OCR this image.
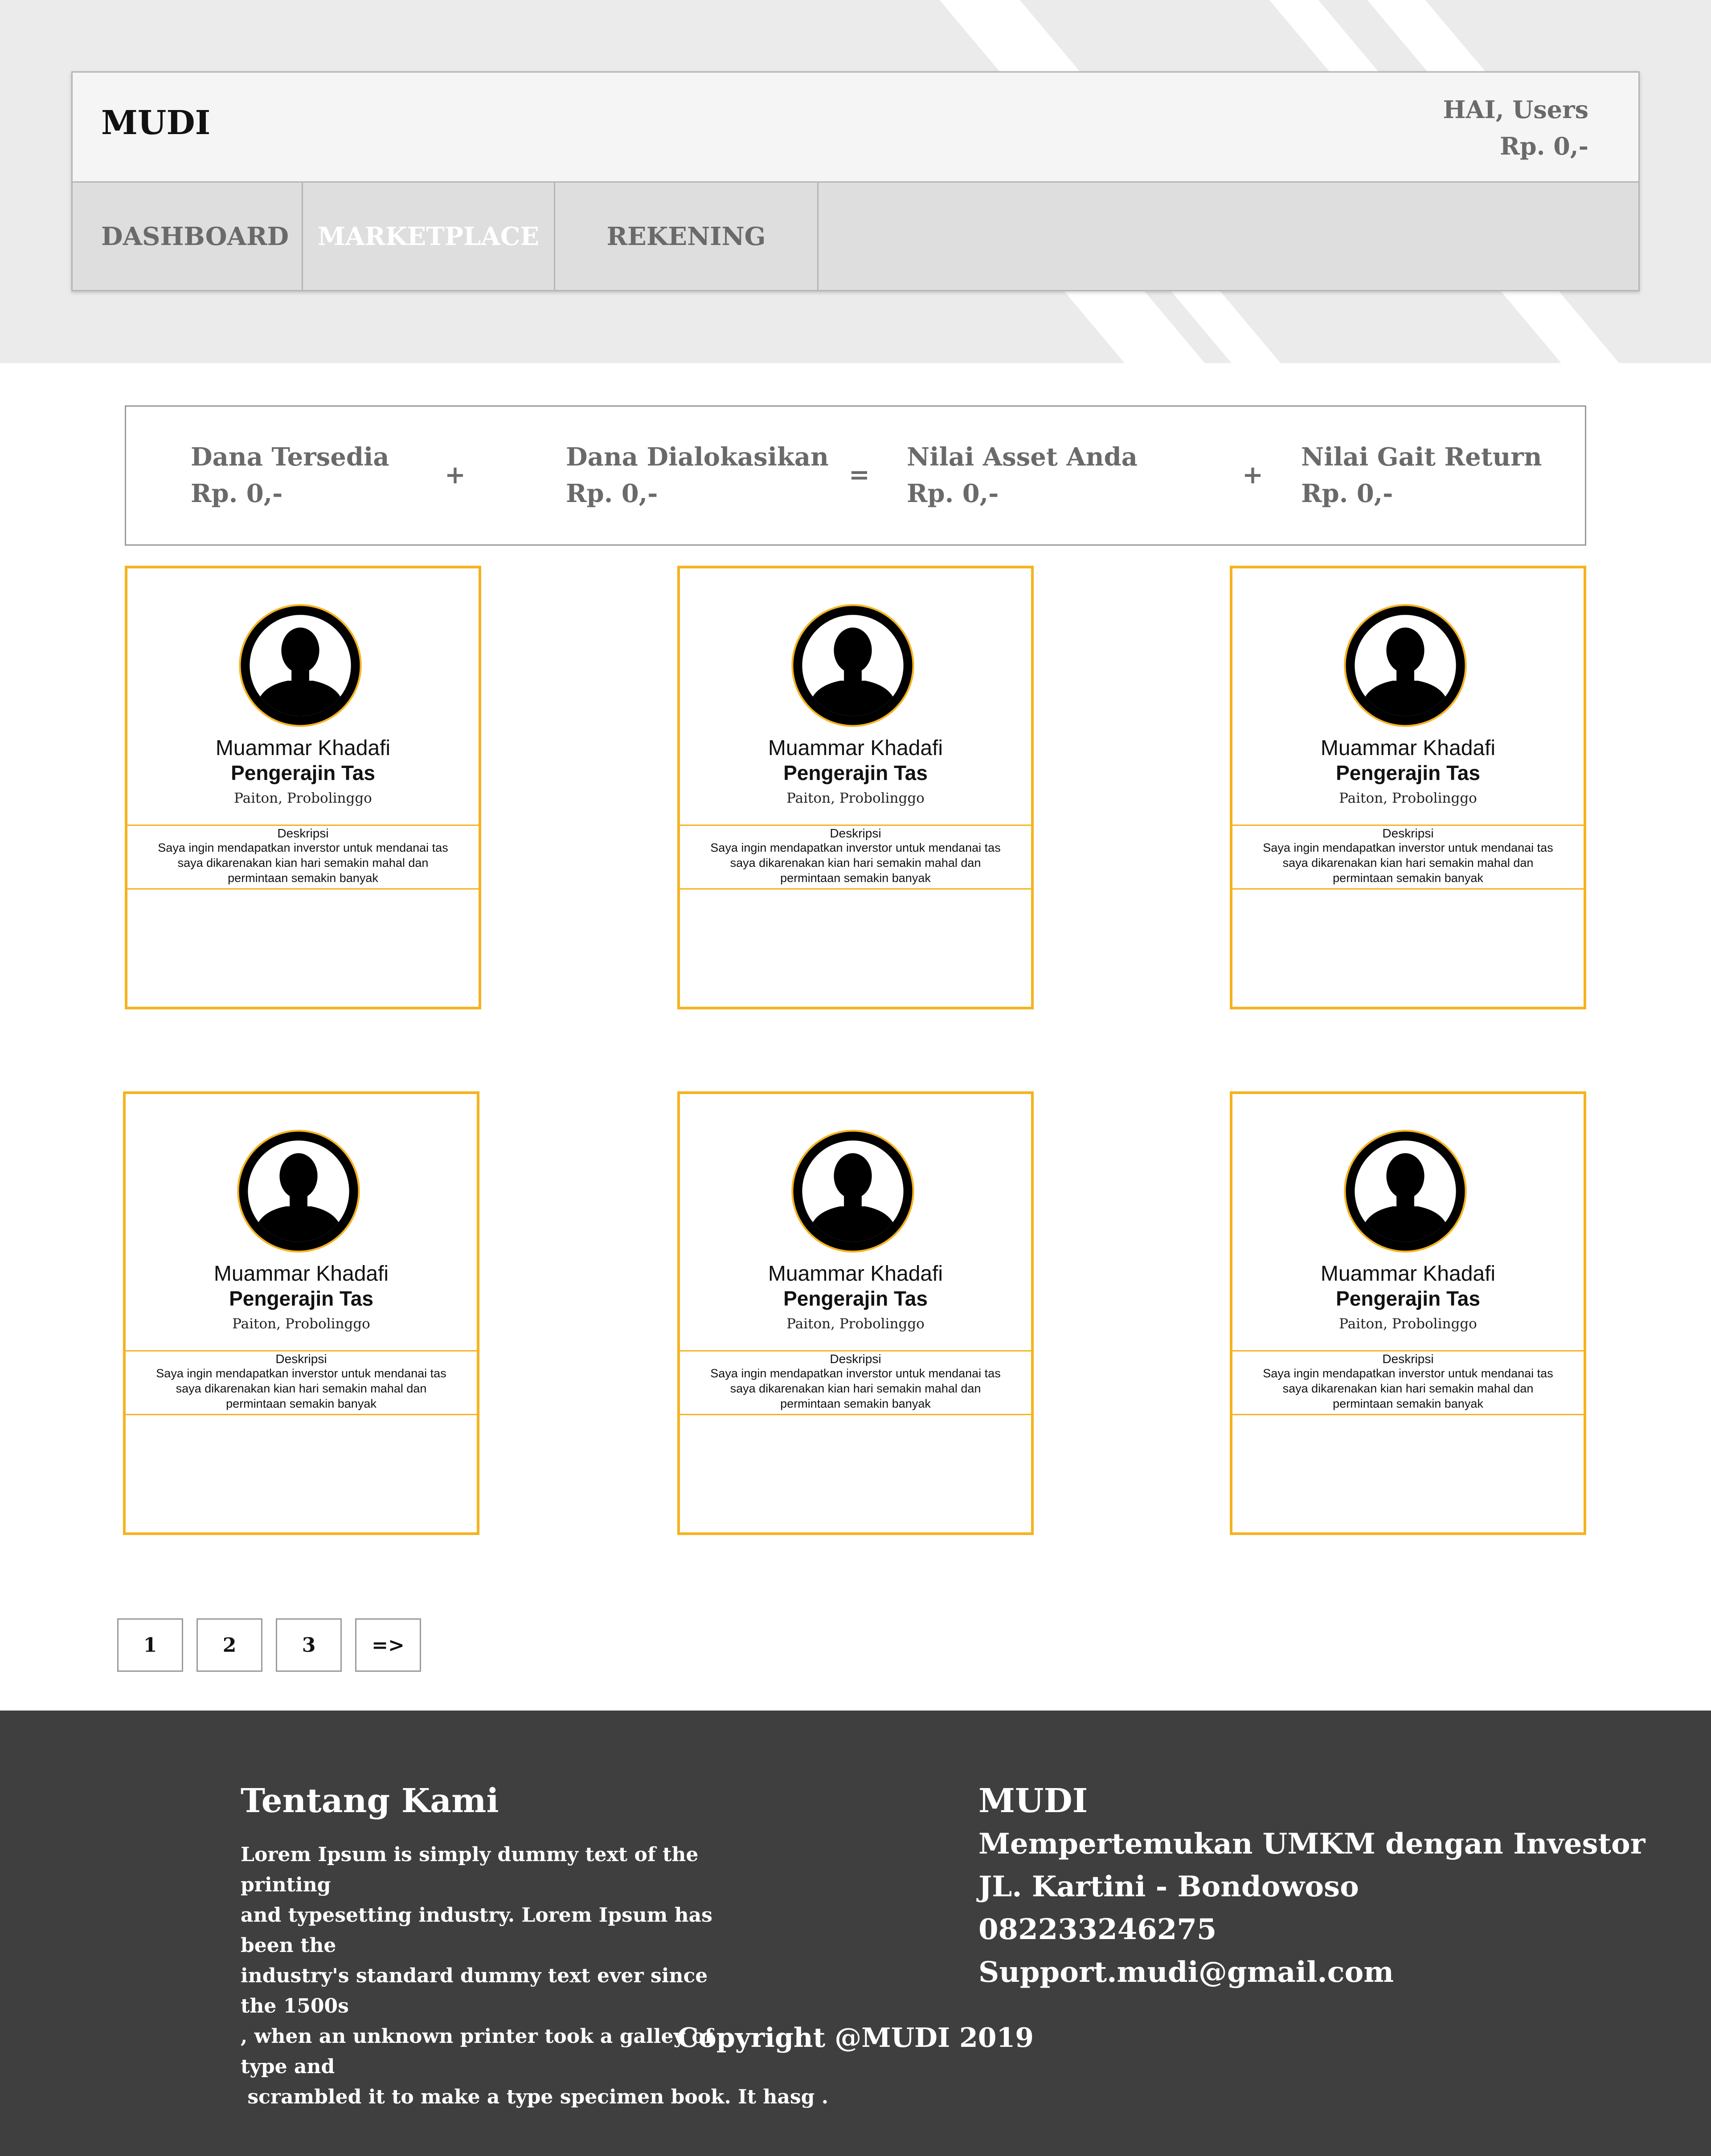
MUDI	HAI, Users
Rp. 0,-
DASHBOARD MARKETPLACE	REKENING
Dana Tersedia
Rp. 0,-
+
Dana Dialokasikan
Rp. 0,-
=
Nilai Asset Anda
Rp. 0,-
+
Nilai Gait Return
Rp. 0,-
Muammar Khadafi
Pengerajin Tas
Paiton, Probolinggo
Deskripsi
Saya ingin mendapatkan inverstor untuk mendanai tas
saya dikarenakan kian hari semakin mahal dan
permintaan semakin banyak
Muammar Khadafi
Pengerajin Tas
Paiton, Probolinggo
Deskripsi
Saya ingin mendapatkan inverstor untuk mendanai tas
saya dikarenakan kian hari semakin mahal dan
permintaan semakin banyak
Muammar Khadafi
Pengerajin Tas
Paiton, Probolinggo
Deskripsi
Saya ingin mendapatkan inverstor untuk mendanai tas
saya dikarenakan kian hari semakin mahal dan
permintaan semakin banyak
Muammar Khadafi
Pengerajin Tas
Paiton, Probolinggo
Deskripsi
Saya ingin mendapatkan inverstor untuk mendanai tas
saya dikarenakan kian hari semakin mahal dan
permintaan semakin banyak
Muammar Khadafi
Pengerajin Tas
Paiton, Probolinggo
Deskripsi
Saya ingin mendapatkan inverstor untuk mendanai tas
saya dikarenakan kian hari semakin mahal dan
permintaan semakin banyak
Muammar Khadafi
Pengerajin Tas
Paiton, Probolinggo
Deskripsi
Saya ingin mendapatkan inverstor untuk mendanai tas
saya dikarenakan kian hari semakin mahal dan
permintaan semakin banyak
1	2	3	=>
Tentang Kami
Lorem Ipsum is simply dummy text of the printing
and typesetting industry. Lorem Ipsum has been the
industry's standard dummy text ever since the 1500s
, when an unknown printer took a galley of type and
scrambled it to make a type specimen book. It hasg .
MUDI
Mempertemukan UMKM dengan Investor
JL. Kartini - Bondowoso
082233246275
Support.mudi@gmail.com
Copyright @MUDI 2019
